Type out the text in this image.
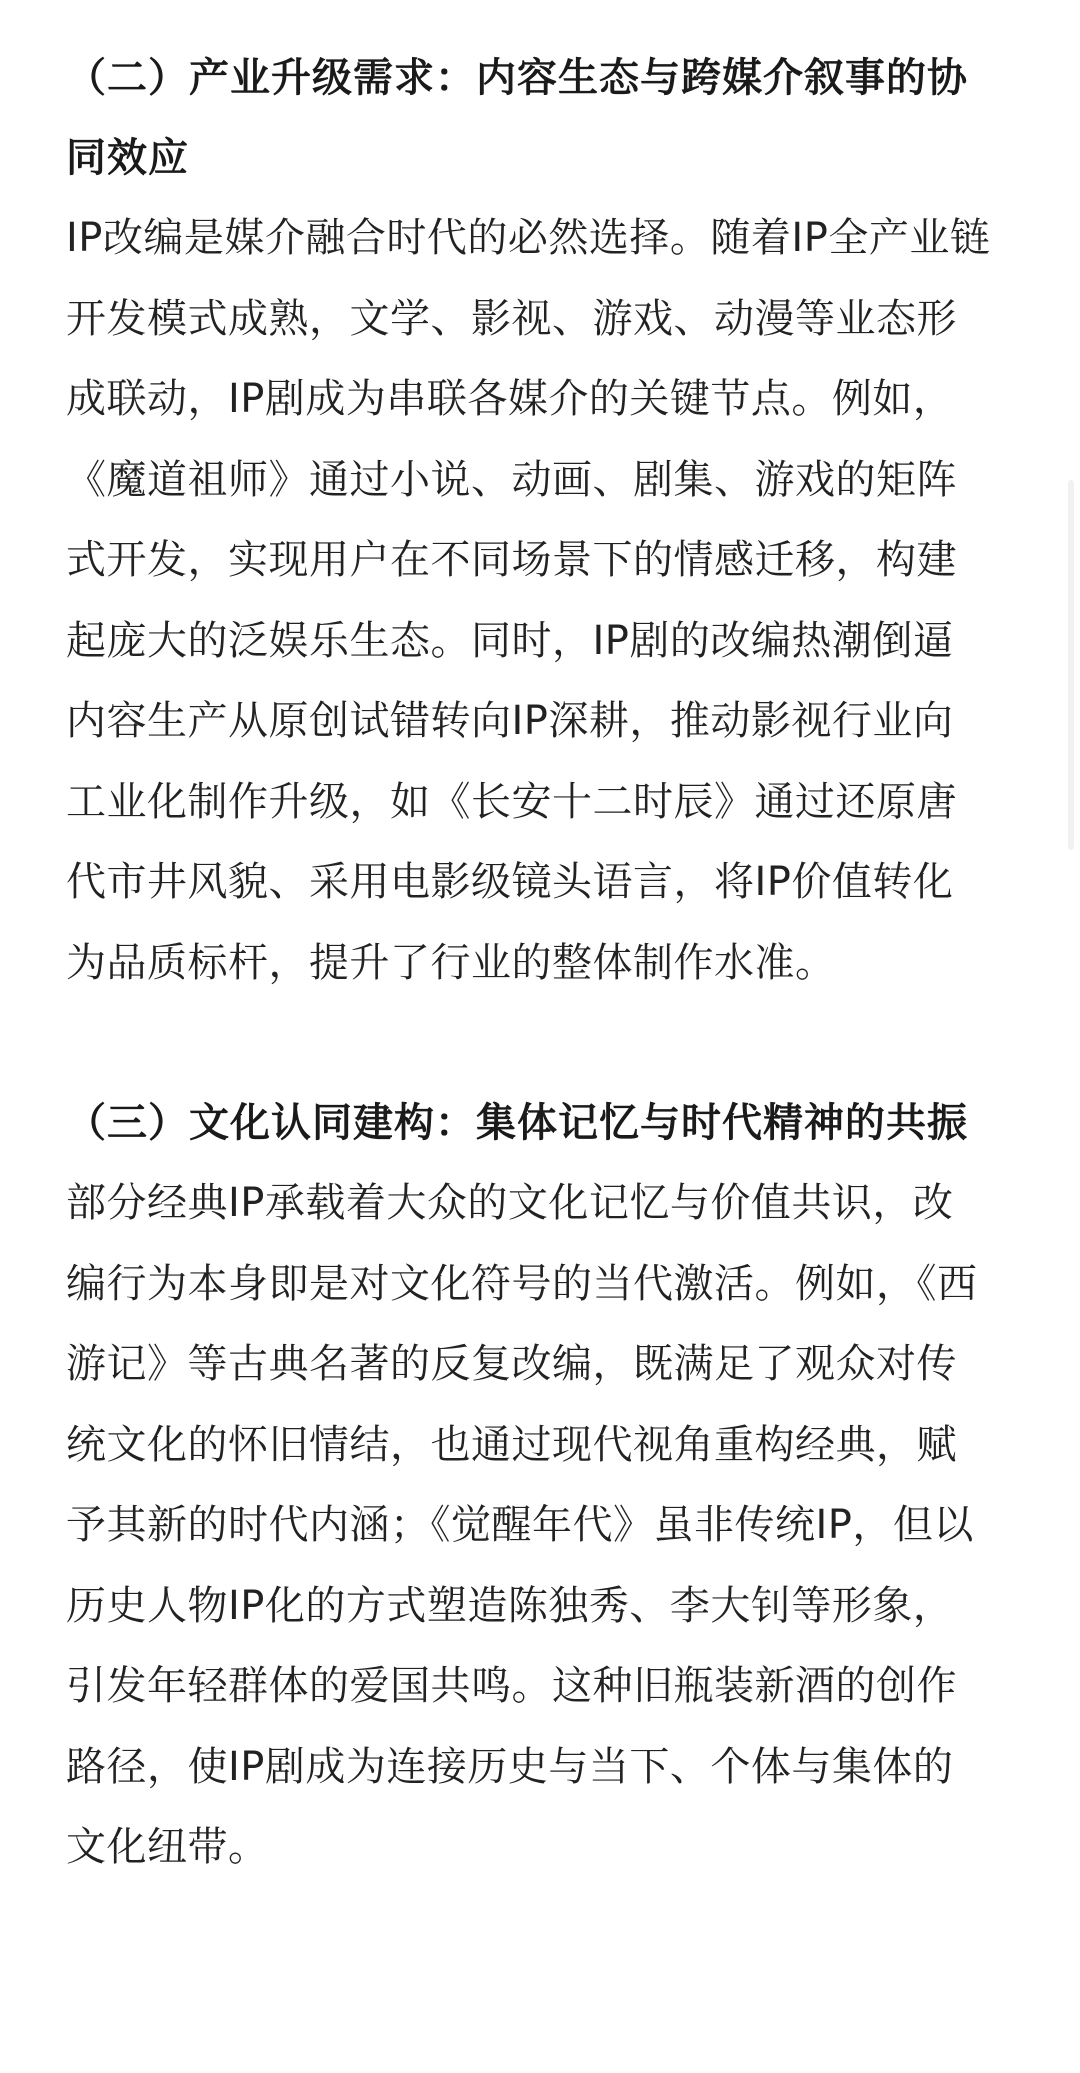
（二）产业升级需求：内容生态与跨媒介叙事的协同效应

IP改编是媒介融合时代的必然选择。随着IP全产业链开发模式成熟，文学、影视、游戏、动漫等业态形成联动，IP剧成为串联各媒介的关键节点。例如，《魔道祖师》通过小说、动画、剧集、游戏的矩阵式开发，实现用户在不同场景下的情感迁移，构建起庞大的泛娱乐生态。同时，IP剧的改编热潮倒逼内容生产从原创试错转向IP深耕，推动影视行业向工业化制作升级，如《长安十二时辰》通过还原唐代市井风貌、采用电影级镜头语言，将IP价值转化为品质标杆，提升了行业的整体制作水准。

（三）文化认同建构：集体记忆与时代精神的共振

部分经典IP承载着大众的文化记忆与价值共识，改编行为本身即是对文化符号的当代激活。例如，《西游记》等古典名著的反复改编，既满足了观众对传统文化的怀旧情结，也通过现代视角重构经典，赋予其新的时代内涵；《觉醒年代》虽非传统IP，但以历史人物IP化的方式塑造陈独秀、李大钊等形象，引发年轻群体的爱国共鸣。这种旧瓶装新酒的创作路径，使IP剧成为连接历史与当下、个体与集体的文化纽带。
